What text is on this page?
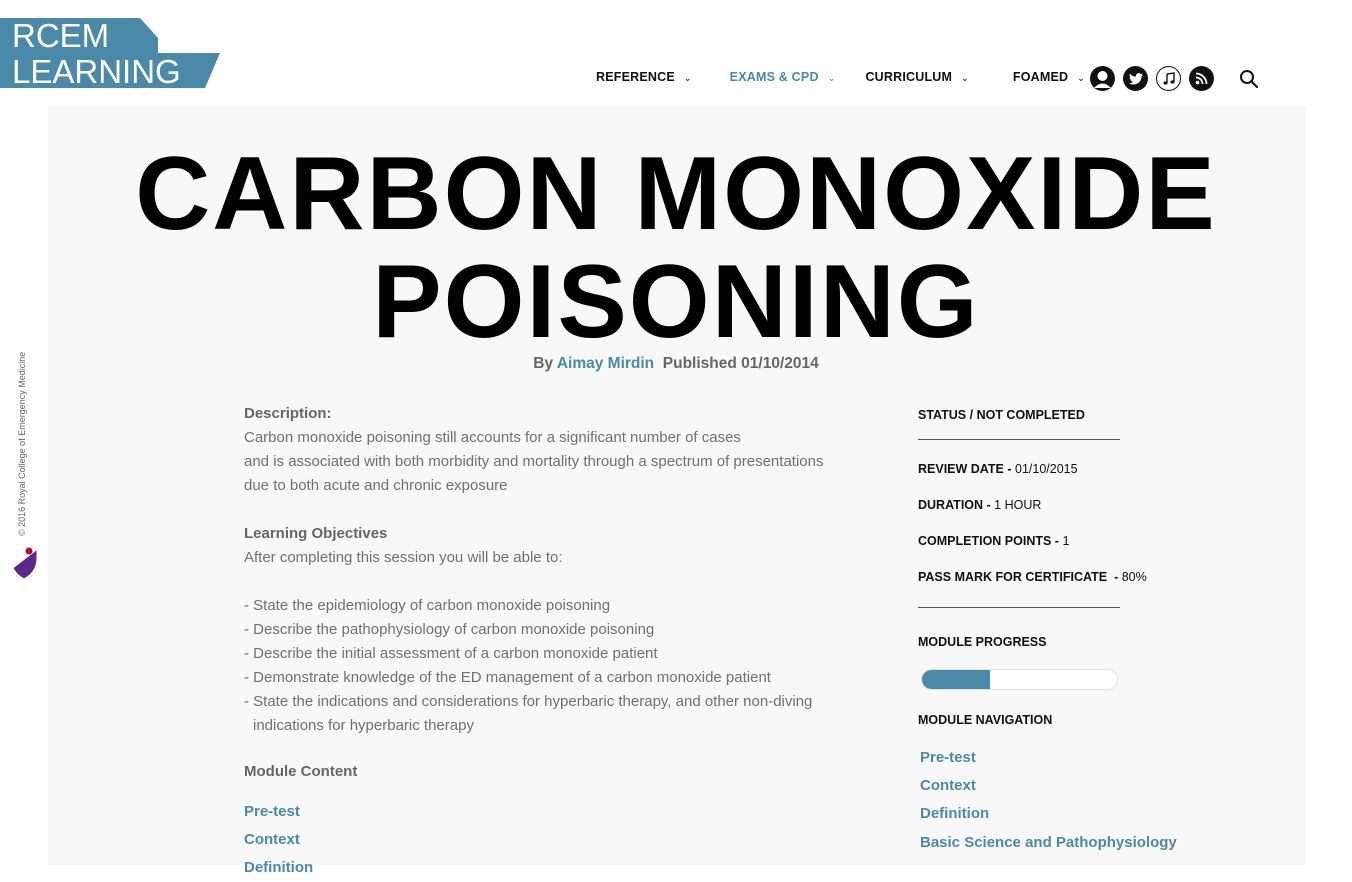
RCEM
LEARNING	REFERENCE ⌄	EXAMS & CPD ⌄ CURRICULUM ⌄	FOAMED ⌄
CARBON MONOXIDE
POISONING
By Aimay Mirdin Published 01/10/2014
Description:
Carbon monoxide poisoning still accounts for a significant number of cases
and is associated with both morbidity and mortality through a spectrum of presentations
due to both acute and chronic exposure
Learning Objectives
After completing this session you will be able to:
- State the epidemiology of carbon monoxide poisoning
- Describe the pathophysiology of carbon monoxide poisoning
- Describe the initial assessment of a carbon monoxide patient
- Demonstrate knowledge of the ED management of a carbon monoxide patient
- State the indications and considerations for hyperbaric therapy, and other non-diving indications for hyperbaric therapy
Module Content
Pre-test
Context
Definition
STATUS / NOT COMPLETED
REVIEW DATE - 01/10/2015
DURATION - 1 HOUR
COMPLETION POINTS - 1
PASS MARK FOR CERTIFICATE  - 80%
MODULE PROGRESS
MODULE NAVIGATION
Pre-test
Context
Definition
Basic Science and Pathophysiology
© 2016 Royal College of Emergency Medicine
